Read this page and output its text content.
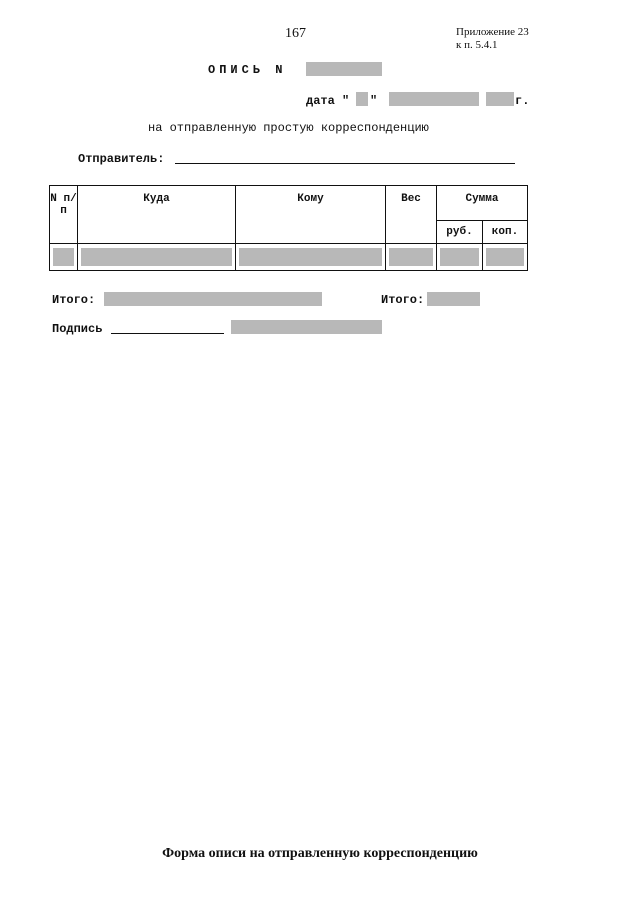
167	Приложение 23
к п. 5.4.1
ОПИСЬ N
дата " "	г.
на отправленную простую корреспонденцию
Отправитель:
N п/п	Куда	Кому	Вес	Сумма	
				руб.	коп.

Итого:	Итого:
Подпись
Форма описи на отправленную корреспонденцию
